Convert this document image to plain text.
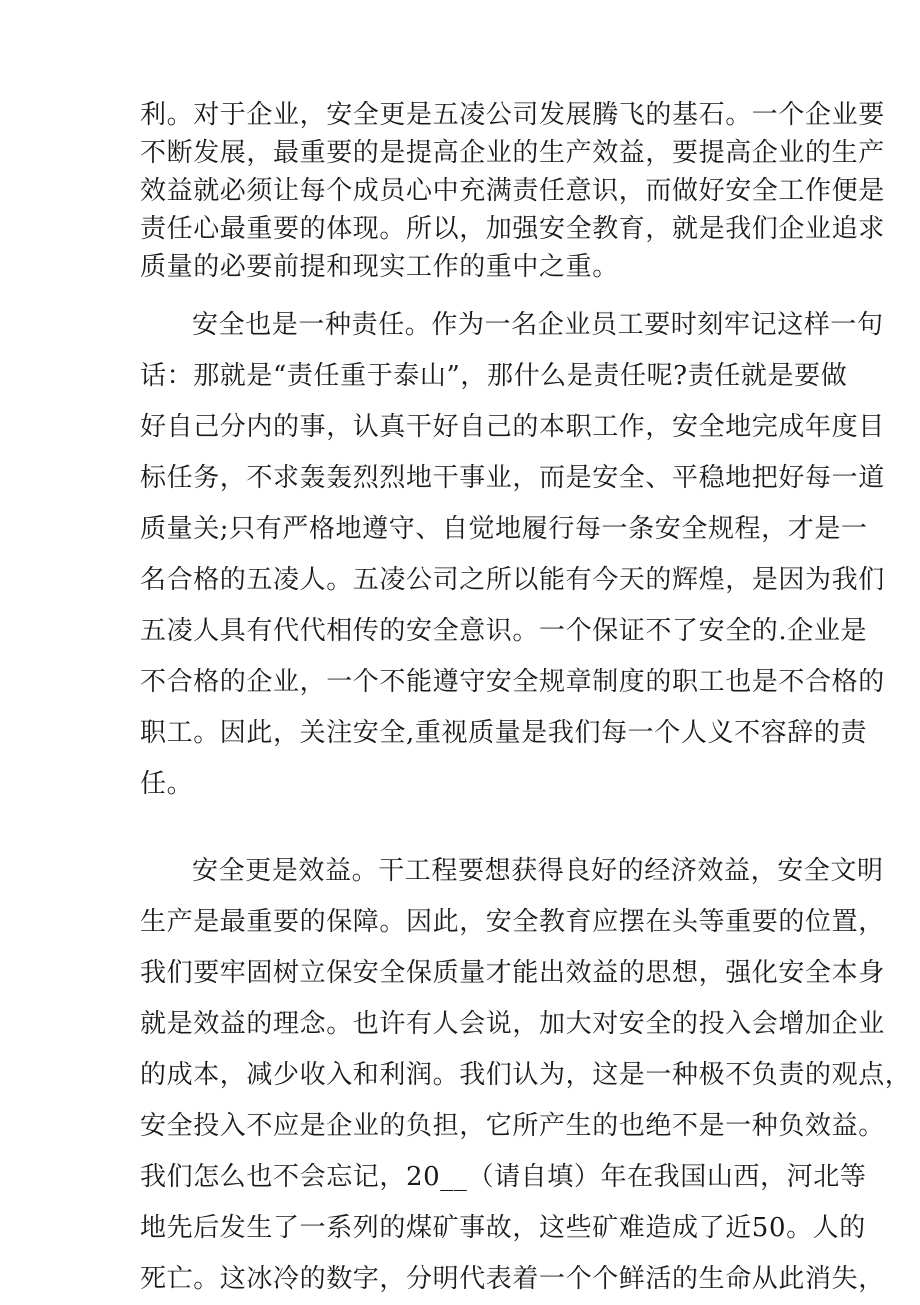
利。对于企业，安全更是五凌公司发展腾飞的基石。一个企业要
不断发展，最重要的是提高企业的生产效益，要提高企业的生产
效益就必须让每个成员心中充满责任意识，而做好安全工作便是
责任心最重要的体现。所以，加强安全教育，就是我们企业追求
质量的必要前提和现实工作的重中之重。
安全也是一种责任。作为一名企业员工要时刻牢记这样一句
话：那就是“责任重于泰山”，那什么是责任呢?责任就是要做
好自己分内的事，认真干好自己的本职工作，安全地完成年度目
标任务，不求轰轰烈烈地干事业，而是安全、平稳地把好每一道
质量关;只有严格地遵守、自觉地履行每一条安全规程，才是一
名合格的五凌人。五凌公司之所以能有今天的辉煌，是因为我们
五凌人具有代代相传的安全意识。一个保证不了安全的.企业是
不合格的企业，一个不能遵守安全规章制度的职工也是不合格的
职工。因此，关注安全,重视质量是我们每一个人义不容辞的责
任。
安全更是效益。干工程要想获得良好的经济效益，安全文明
生产是最重要的保障。因此，安全教育应摆在头等重要的位置，
我们要牢固树立保安全保质量才能出效益的思想，强化安全本身
就是效益的理念。也许有人会说，加大对安全的投入会增加企业
的成本，减少收入和利润。我们认为，这是一种极不负责的观点，
安全投入不应是企业的负担，它所产生的也绝不是一种负效益。
我们怎么也不会忘记，20__（请自填）年在我国山西，河北等
地先后发生了一系列的煤矿事故，这些矿难造成了近50。人的
死亡。这冰冷的数字，分明代表着一个个鲜活的生命从此消失，
